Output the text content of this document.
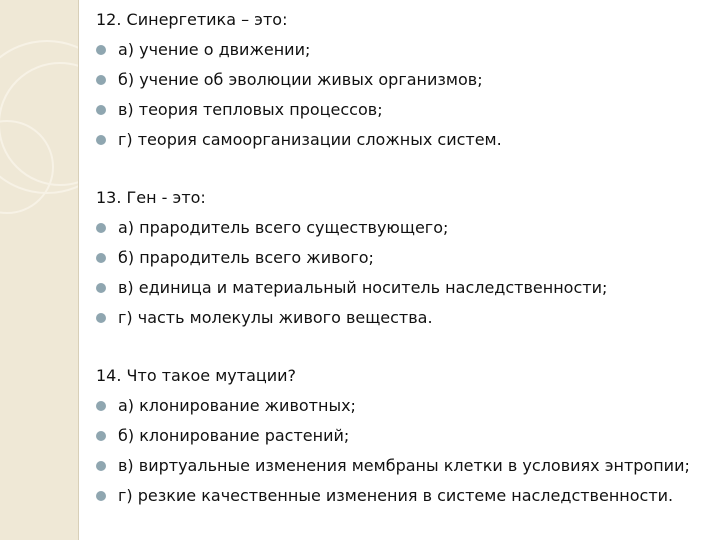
12. Синергетика – это:
а) учение о движении;
б) учение об эволюции живых организмов;
в) теория тепловых процессов;
г) теория самоорганизации сложных систем.
13. Ген - это:
а) прародитель всего существующего;
б) прародитель всего живого;
в) единица и материальный носитель наследственности;
г) часть молекулы живого вещества.
14. Что такое мутации?
а) клонирование животных;
б) клонирование растений;
в) виртуальные изменения мембраны клетки в условиях энтропии;
г) резкие качественные изменения в системе наследственности.
